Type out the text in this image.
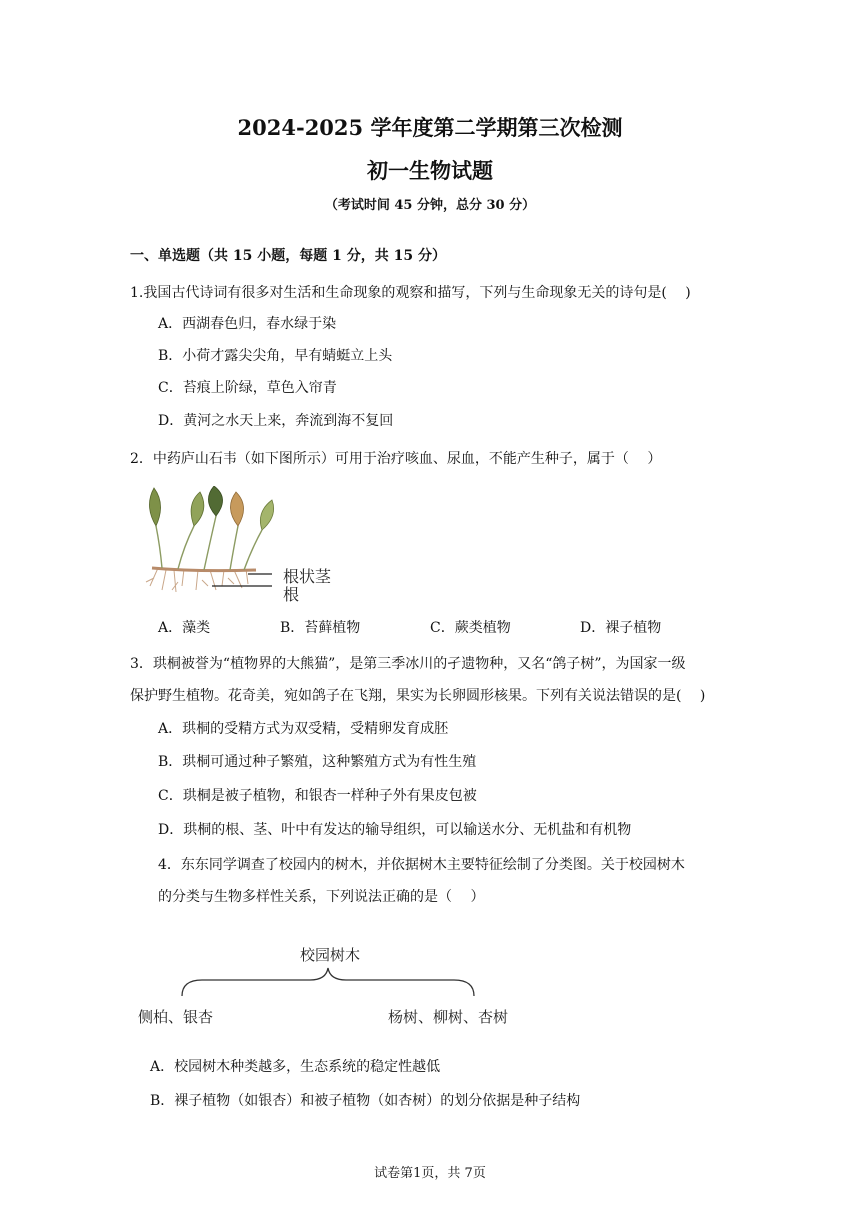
2024-2025 学年度第二学期第三次检测
初一生物试题
（考试时间 45 分钟，总分 30 分）
一、单选题（共 15 小题，每题 1 分，共 15 分）
1.我国古代诗词有很多对生活和生命现象的观察和描写，下列与生命现象无关的诗句是(　 )
A．西湖春色归，春水绿于染
B．小荷才露尖尖角，早有蜻蜓立上头
C．苔痕上阶绿，草色入帘青
D．黄河之水天上来，奔流到海不复回
2．中药庐山石韦（如下图所示）可用于治疗咳血、尿血，不能产生种子，属于（　 ）
根状茎
根
A．藻类	B．苔藓植物	C．蕨类植物	D．裸子植物
3．珙桐被誉为“植物界的大熊猫”，是第三季冰川的孑遗物种，又名“鸽子树”，为国家一级
保护野生植物。花奇美，宛如鸽子在飞翔，果实为长卵圆形核果。下列有关说法错误的是(　 )
A．珙桐的受精方式为双受精，受精卵发育成胚
B．珙桐可通过种子繁殖，这种繁殖方式为有性生殖
C．珙桐是被子植物，和银杏一样种子外有果皮包被
D．珙桐的根、茎、叶中有发达的输导组织，可以输送水分、无机盐和有机物
4．东东同学调查了校园内的树木，并依据树木主要特征绘制了分类图。关于校园树木
的分类与生物多样性关系，下列说法正确的是（　 ）
校园树木
侧柏、银杏	杨树、柳树、杏树
A．校园树木种类越多，生态系统的稳定性越低
B．裸子植物（如银杏）和被子植物（如杏树）的划分依据是种子结构
试卷第1页，共 7页
